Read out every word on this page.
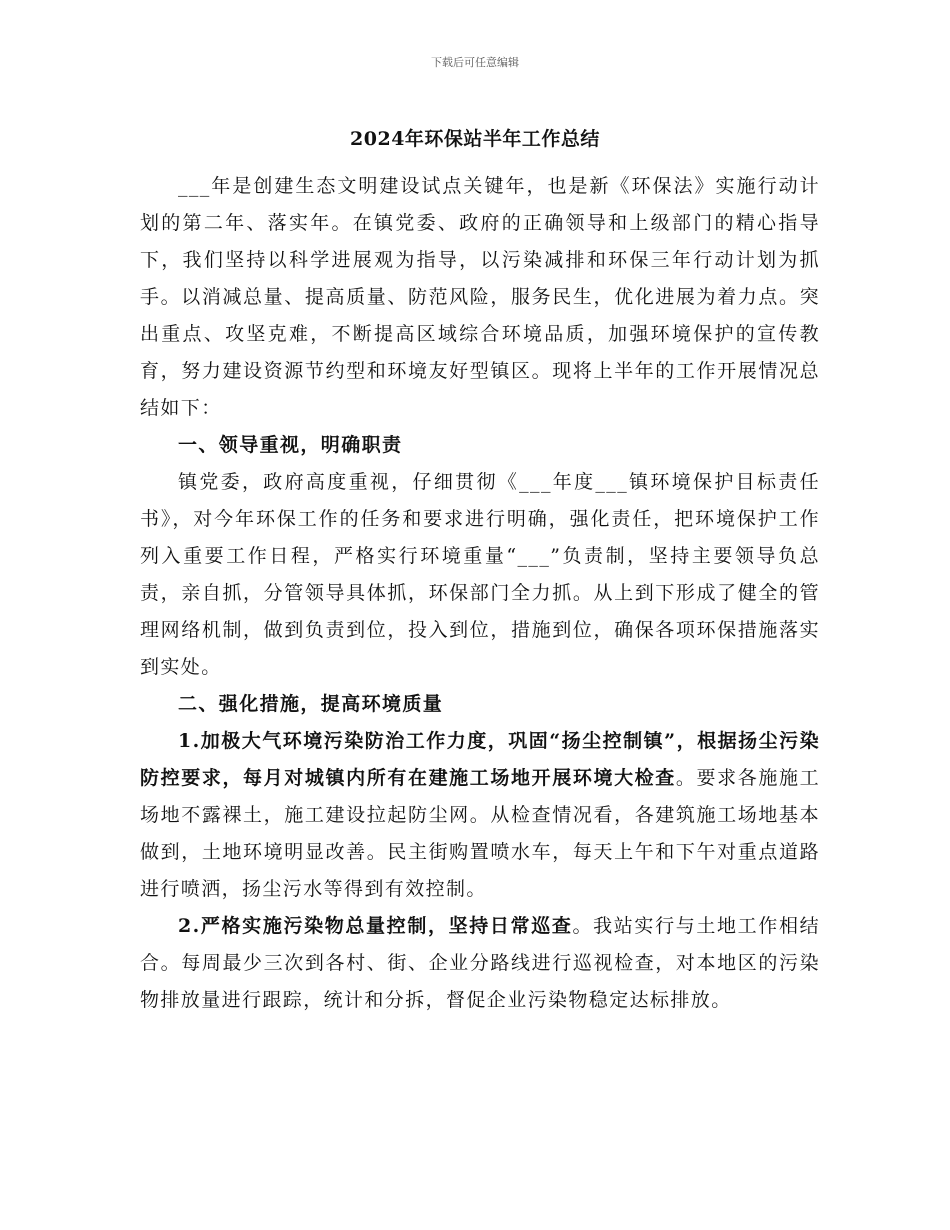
下载后可任意编辑
2024年环保站半年工作总结

___年是创建生态文明建设试点关键年，也是新《环保法》实施行动计划的第二年、落实年。在镇党委、政府的正确领导和上级部门的精心指导下，我们坚持以科学进展观为指导，以污染减排和环保三年行动计划为抓手。以消减总量、提高质量、防范风险，服务民生，优化进展为着力点。突出重点、攻坚克难，不断提高区域综合环境品质，加强环境保护的宣传教育，努力建设资源节约型和环境友好型镇区。现将上半年的工作开展情况总结如下：

一、领导重视，明确职责

镇党委，政府高度重视，仔细贯彻《___年度___镇环境保护目标责任书》，对今年环保工作的任务和要求进行明确，强化责任，把环境保护工作列入重要工作日程，严格实行环境重量“___”负责制，坚持主要领导负总责，亲自抓，分管领导具体抓，环保部门全力抓。从上到下形成了健全的管理网络机制，做到负责到位，投入到位，措施到位，确保各项环保措施落实到实处。

二、强化措施，提高环境质量

1.加极大气环境污染防治工作力度，巩固“扬尘控制镇”，根据扬尘污染防控要求，每月对城镇内所有在建施工场地开展环境大检查。要求各施施工场地不露裸土，施工建设拉起防尘网。从检查情况看，各建筑施工场地基本做到，土地环境明显改善。民主街购置喷水车，每天上午和下午对重点道路进行喷洒，扬尘污水等得到有效控制。

2.严格实施污染物总量控制，坚持日常巡查。我站实行与土地工作相结合。每周最少三次到各村、街、企业分路线进行巡视检查，对本地区的污染物排放量进行跟踪，统计和分拆，督促企业污染物稳定达标排放。
